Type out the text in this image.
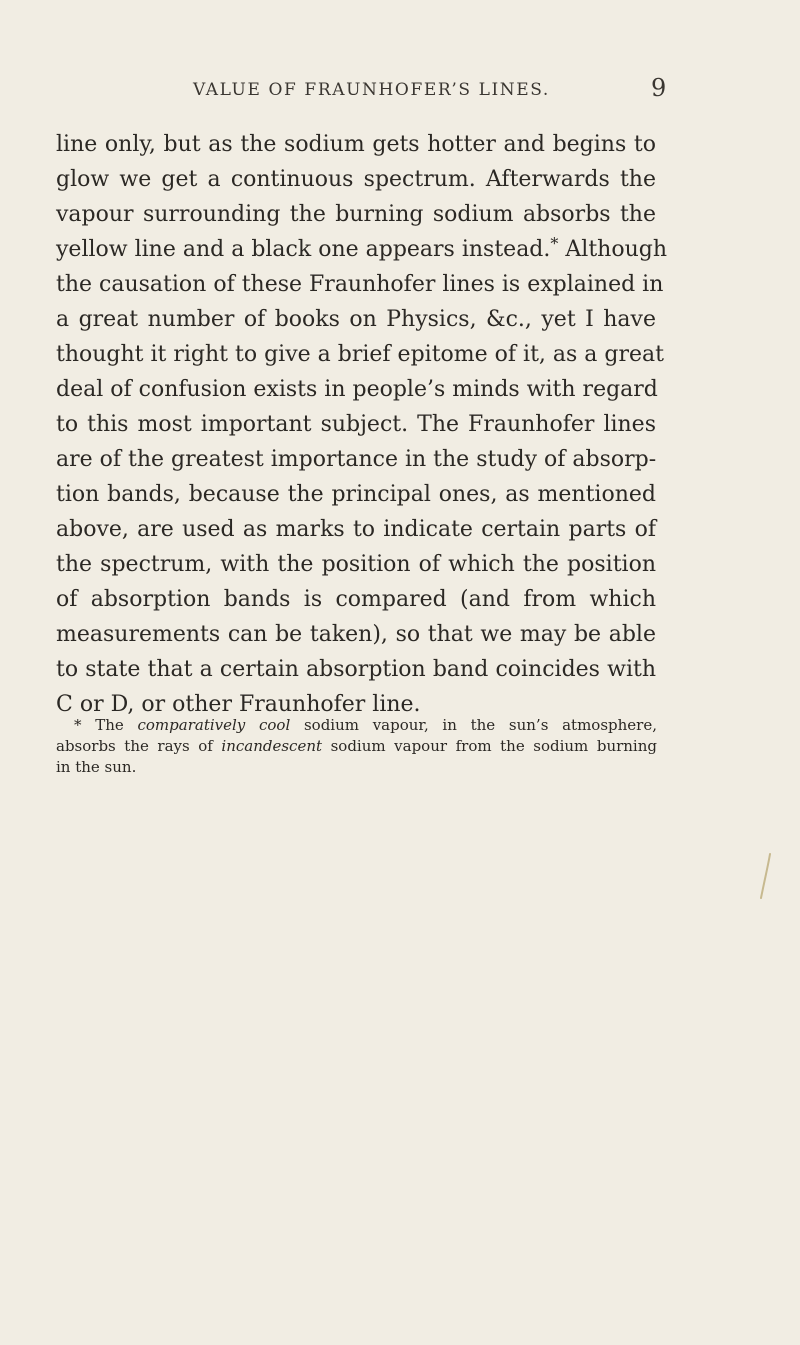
VALUE OF FRAUNHOFER’S LINES.	9
line only, but as the sodium gets hotter and begins to
glow we get a continuous spectrum. Afterwards the
vapour surrounding the burning sodium absorbs the
yellow line and a black one appears instead.* Although
the causation of these Fraunhofer lines is explained in
a great number of books on Physics, &c., yet I have
thought it right to give a brief epitome of it, as a great
deal of confusion exists in people’s minds with regard
to this most important subject. The Fraunhofer lines
are of the greatest importance in the study of absorp-
tion bands, because the principal ones, as mentioned
above, are used as marks to indicate certain parts of
the spectrum, with the position of which the position
of absorption bands is compared (and from which
measurements can be taken), so that we may be able
to state that a certain absorption band coincides with
C or D, or other Fraunhofer line.
* The comparatively cool sodium vapour, in the sun’s atmosphere,
absorbs the rays of incandescent sodium vapour from the sodium burning
in the sun.
